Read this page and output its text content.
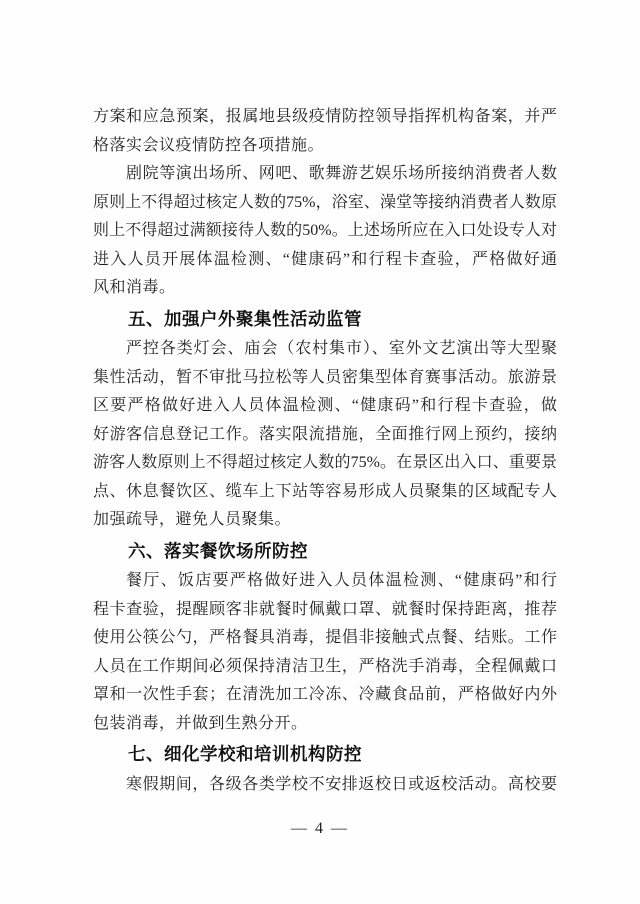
方案和应急预案，报属地县级疫情防控领导指挥机构备案，并严
格落实会议疫情防控各项措施。
剧院等演出场所、网吧、歌舞游艺娱乐场所接纳消费者人数
原则上不得超过核定人数的75%，浴室、澡堂等接纳消费者人数原
则上不得超过满额接待人数的50%。上述场所应在入口处设专人对
进入人员开展体温检测、“健康码”和行程卡查验，严格做好通
风和消毒。
五、加强户外聚集性活动监管
严控各类灯会、庙会（农村集市）、室外文艺演出等大型聚
集性活动，暂不审批马拉松等人员密集型体育赛事活动。旅游景
区要严格做好进入人员体温检测、“健康码”和行程卡查验，做
好游客信息登记工作。落实限流措施，全面推行网上预约，接纳
游客人数原则上不得超过核定人数的75%。在景区出入口、重要景
点、休息餐饮区、缆车上下站等容易形成人员聚集的区域配专人
加强疏导，避免人员聚集。
六、落实餐饮场所防控
餐厅、饭店要严格做好进入人员体温检测、“健康码”和行
程卡查验，提醒顾客非就餐时佩戴口罩、就餐时保持距离，推荐
使用公筷公勺，严格餐具消毒，提倡非接触式点餐、结账。工作
人员在工作期间必须保持清洁卫生，严格洗手消毒，全程佩戴口
罩和一次性手套；在清洗加工冷冻、冷藏食品前，严格做好内外
包装消毒，并做到生熟分开。
七、细化学校和培训机构防控
寒假期间，各级各类学校不安排返校日或返校活动。高校要
— 4 —
